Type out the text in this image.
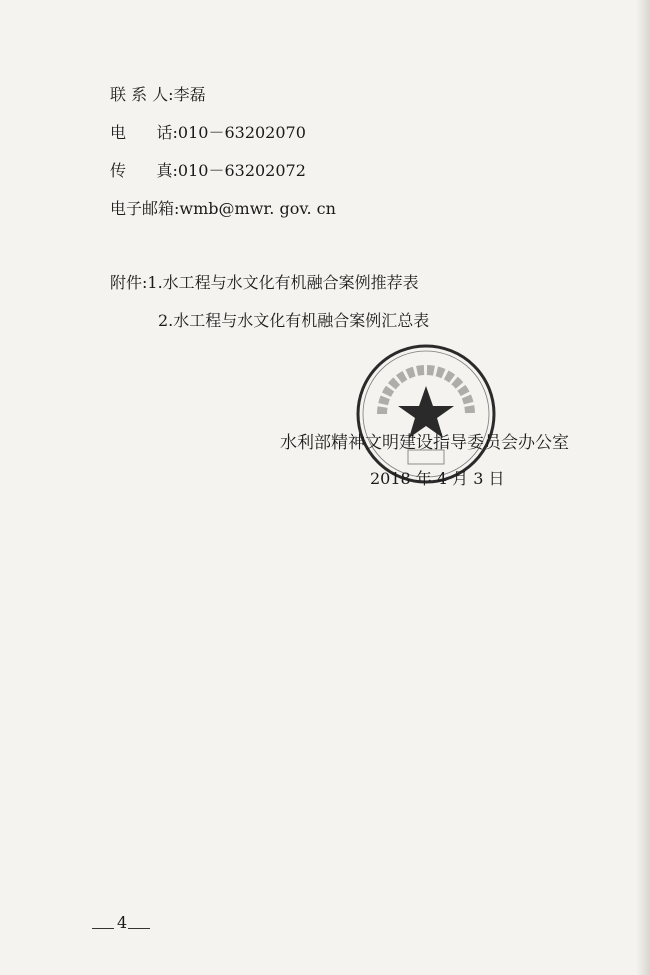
联 系 人:李磊
电      话:010－63202070
传      真:010－63202072
电子邮箱:wmb@mwr. gov. cn
附件:1.水工程与水文化有机融合案例推荐表
2.水工程与水文化有机融合案例汇总表
水利部精神文明建设指导委员会办公室
2018 年 4 月 3 日
4
